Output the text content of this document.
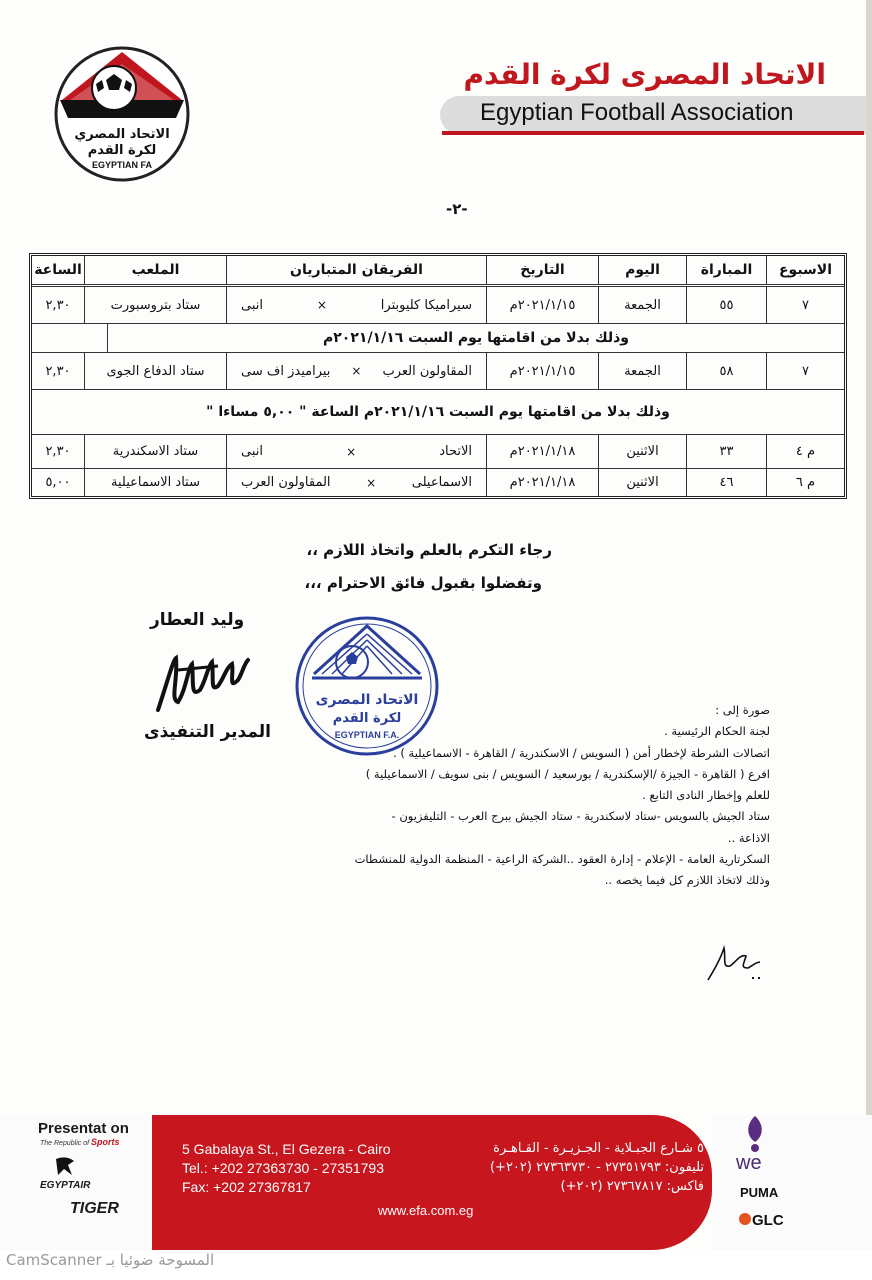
الاتحاد المصري
لكرة القدم
EGYPTIAN FA
الاتحاد المصرى لكرة القدم
Egyptian Football Association
-٢-
الاسبوع
المباراة
اليوم
التاريخ
الفريقان المتباريان
الملعب
الساعة
٧
٥٥
الجمعة
٢٠٢١/١/١٥م
سيراميكا كليوبترا
×
انبى
ستاد بتروسبورت
٢,٣٠
وذلك بدلا من اقامتها يوم السبت ٢٠٢١/١/١٦م
٧
٥٨
الجمعة
٢٠٢١/١/١٥م
المقاولون العرب
×
بيراميدز اف سى
ستاد الدفاع الجوى
٢,٣٠
وذلك بدلا من اقامتها يوم السبت ٢٠٢١/١/١٦م الساعة " ٥,٠٠ مساءا "
م ٤
٣٣
الاثنين
٢٠٢١/١/١٨م
الاتحاد
×
انبى
ستاد الاسكندرية
٢,٣٠
م ٦
٤٦
الاثنين
٢٠٢١/١/١٨م
الاسماعيلى
×
المقاولون العرب
ستاد الاسماعيلية
٥,٠٠
رجاء التكرم بالعلم واتخاذ اللازم ،،
وتفضلوا بقبول فائق الاحترام ،،،
وليد العطار
المدير التنفيذى
الاتحاد المصرى
لكرة القدم
EGYPTIAN F.A.
صورة إلى :
لجنة الحكام الرئيسية .
اتصالات الشرطة لإخطار أمن ( السويس / الاسكندرية / القاهرة - الاسماعيلية ) .
افرع ( القاهرة - الجيزة /الإسكندرية / بورسعيد / السويس / بنى سويف / الاسماعيلية )
للعلم وإخطار النادى التابع .
ستاد الجيش بالسويس -ستاد لاسكندرية - ستاد الجيش ببرج العرب - التليفزيون -
الاذاعة ..
السكرتارية العامة - الإعلام - إدارة العقود ..الشركة الراعية - المنظمة الدولية للمنشطات
وذلك لاتخاذ اللازم كل فيما يخصه ..
Presentat on
The Republic of Sports
EGYPTAIR
TIGER
5 Gabalaya St., El Gezera - Cairo
Tel.: +202 27363730 - 27351793
Fax: +202 27367817
٥ شـارع الجبـلاية - الجـزيـرة - القـاهـرة
تليفون: ٢٧٣٥١٧٩٣ - ٢٧٣٦٣٧٣٠ (٢٠٢+)
فاكس: ٢٧٣٦٧٨١٧ (٢٠٢+)
www.efa.com.eg
we
PUMA
GLC
CamScanner المسوحة ضوئيا بـ
